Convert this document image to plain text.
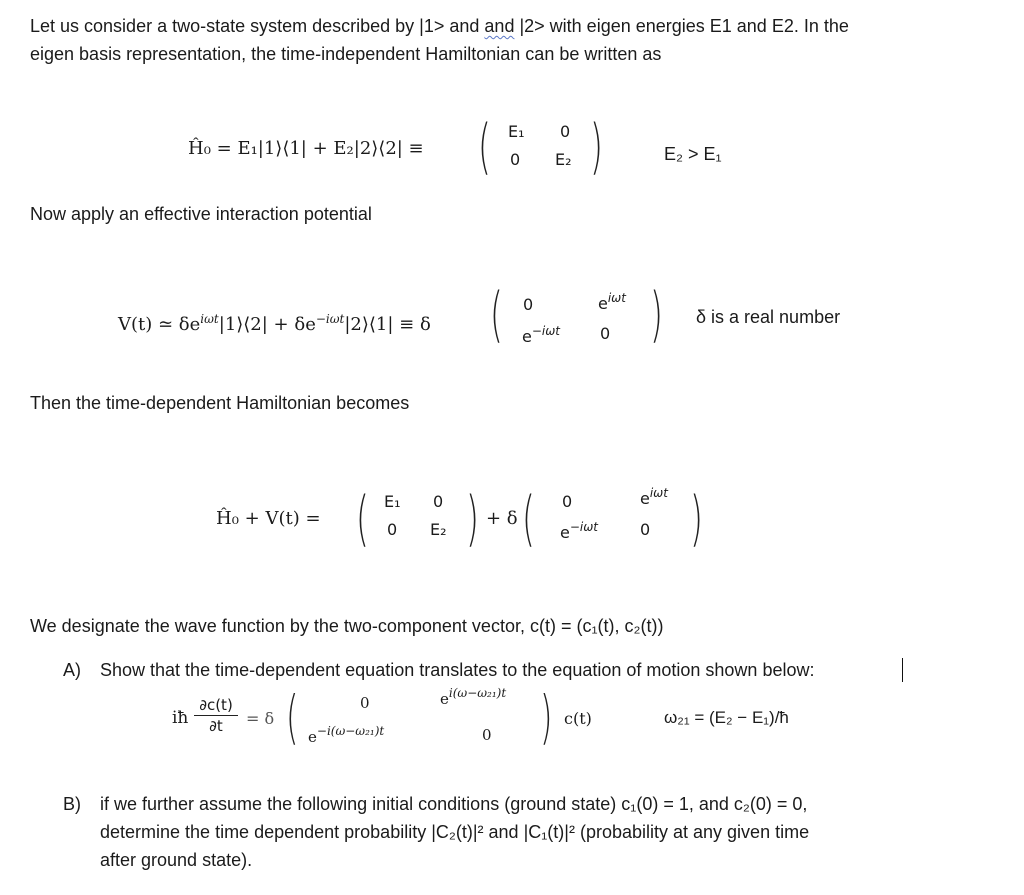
Let us consider a two-state system described by |1> and and |2> with eigen energies E1 and E2. In the
eigen basis representation, the time-independent Hamiltonian can be written as
Ĥ₀ = E₁|1⟩⟨1| + E₂|2⟩⟨2| ≡ ( E₁ 0
0 E₂ )	E₂ > E₁
Now apply an effective interaction potential
V(t) ≃ $\delta e^{i\omega t}|1⟩⟨2|$ + $\delta e^{-i\omega t}|2⟩⟨1| \equiv \delta$ ( 0	$e^{i\omega t}$
$e^{-i\omega t}$	0 ) δ is a real number
Then the time-dependent Hamiltonian becomes
Ĥ₀ + V(t) = ( E₁ 0
0 E₂ ) + δ ( 0	$e^{i\omega t}$
$e^{-i\omega t}$	0 )
We designate the wave function by the two-component vector, c(t) = (c₁(t), c₂(t))
A) Show that the time-dependent equation translates to the equation of motion shown below:
iħ
∂c(t)
∂t	= δ (	0	$e^{i(\omega-\omega_{21})t}$
$e^{-i(\omega-\omega_{21})t}$	0 ) c(t)	ω₂₁ = (E₂ − E₁)/ħ
B) if we further assume the following initial conditions (ground state) c₁(0) = 1, and c₂(0) = 0,
determine the time dependent probability |C₂(t)|² and |C₁(t)|² (probability at any given time
after ground state).
